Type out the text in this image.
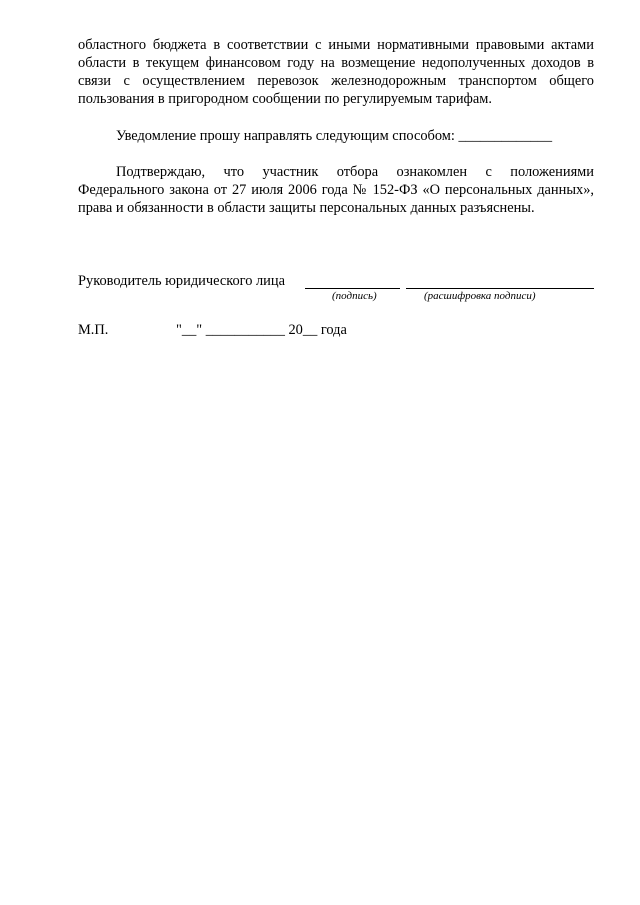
областного бюджета в соответствии с иными нормативными правовыми актами области в текущем финансовом году на возмещение недополученных доходов в связи с осуществлением перевозок железнодорожным транспортом общего пользования в пригородном сообщении по регулируемым тарифам.

Уведомление прошу направлять следующим способом: _____________

Подтверждаю, что участник отбора ознакомлен с положениями Федерального закона от 27 июля 2006 года № 152-ФЗ «О персональных данных», права и обязанности в области защиты персональных данных разъяснены.

Руководитель юридического лица
(подпись)	(расшифровка подписи)
М.П.	"__" ___________ 20__ года
